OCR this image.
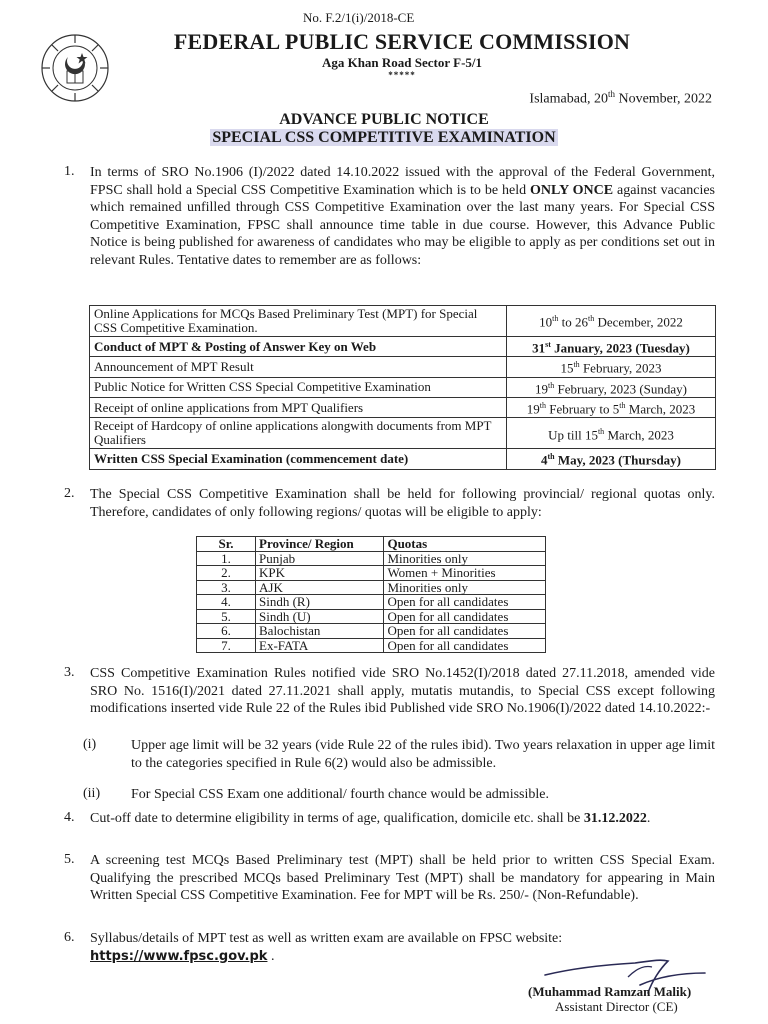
No. F.2/1(i)/2018-CE
FEDERAL PUBLIC SERVICE COMMISSION
Aga Khan Road Sector F-5/1
*****
Islamabad, 20th November, 2022
ADVANCE PUBLIC NOTICE
SPECIAL CSS COMPETITIVE EXAMINATION
1. In terms of SRO No.1906 (I)/2022 dated 14.10.2022 issued with the approval of the Federal Government, FPSC shall hold a Special CSS Competitive Examination which is to be held ONLY ONCE against vacancies which remained unfilled through CSS Competitive Examination over the last many years. For Special CSS Competitive Examination, FPSC shall announce time table in due course. However, this Advance Public Notice is being published for awareness of candidates who may be eligible to apply as per conditions set out in relevant Rules. Tentative dates to remember are as follows:
Online Applications for MCQs Based Preliminary Test (MPT) for Special CSS Competitive Examination.	10th to 26th December, 2022
Conduct of MPT & Posting of Answer Key on Web	31st January, 2023 (Tuesday)
Announcement of MPT Result	15th February, 2023
Public Notice for Written CSS Special Competitive Examination	19th February, 2023 (Sunday)
Receipt of online applications from MPT Qualifiers	19th February to 5th March, 2023
Receipt of Hardcopy of online applications alongwith documents from MPT Qualifiers	Up till 15th March, 2023
Written CSS Special Examination (commencement date)	4th May, 2023 (Thursday)
2. The Special CSS Competitive Examination shall be held for following provincial/ regional quotas only. Therefore, candidates of only following regions/ quotas will be eligible to apply:
Sr.	Province/ Region	Quotas
1.	Punjab	Minorities only
2.	KPK	Women + Minorities
3.	AJK	Minorities only
4.	Sindh (R)	Open for all candidates
5.	Sindh (U)	Open for all candidates
6.	Balochistan	Open for all candidates
7.	Ex-FATA	Open for all candidates
3. CSS Competitive Examination Rules notified vide SRO No.1452(I)/2018 dated 27.11.2018, amended vide SRO No. 1516(I)/2021 dated 27.11.2021 shall apply, mutatis mutandis, to Special CSS except following modifications inserted vide Rule 22 of the Rules ibid Published vide SRO No.1906(I)/2022 dated 14.10.2022:-
(i) Upper age limit will be 32 years (vide Rule 22 of the rules ibid). Two years relaxation in upper age limit to the categories specified in Rule 6(2) would also be admissible.
(ii) For Special CSS Exam one additional/ fourth chance would be admissible.
4. Cut-off date to determine eligibility in terms of age, qualification, domicile etc. shall be 31.12.2022.
5. A screening test MCQs Based Preliminary test (MPT) shall be held prior to written CSS Special Exam. Qualifying the prescribed MCQs based Preliminary Test (MPT) shall be mandatory for appearing in Main Written Special CSS Competitive Examination. Fee for MPT will be Rs. 250/- (Non-Refundable).
6. Syllabus/details of MPT test as well as written exam are available on FPSC website:
https://www.fpsc.gov.pk .
(Muhammad Ramzan Malik)
Assistant Director (CE)
